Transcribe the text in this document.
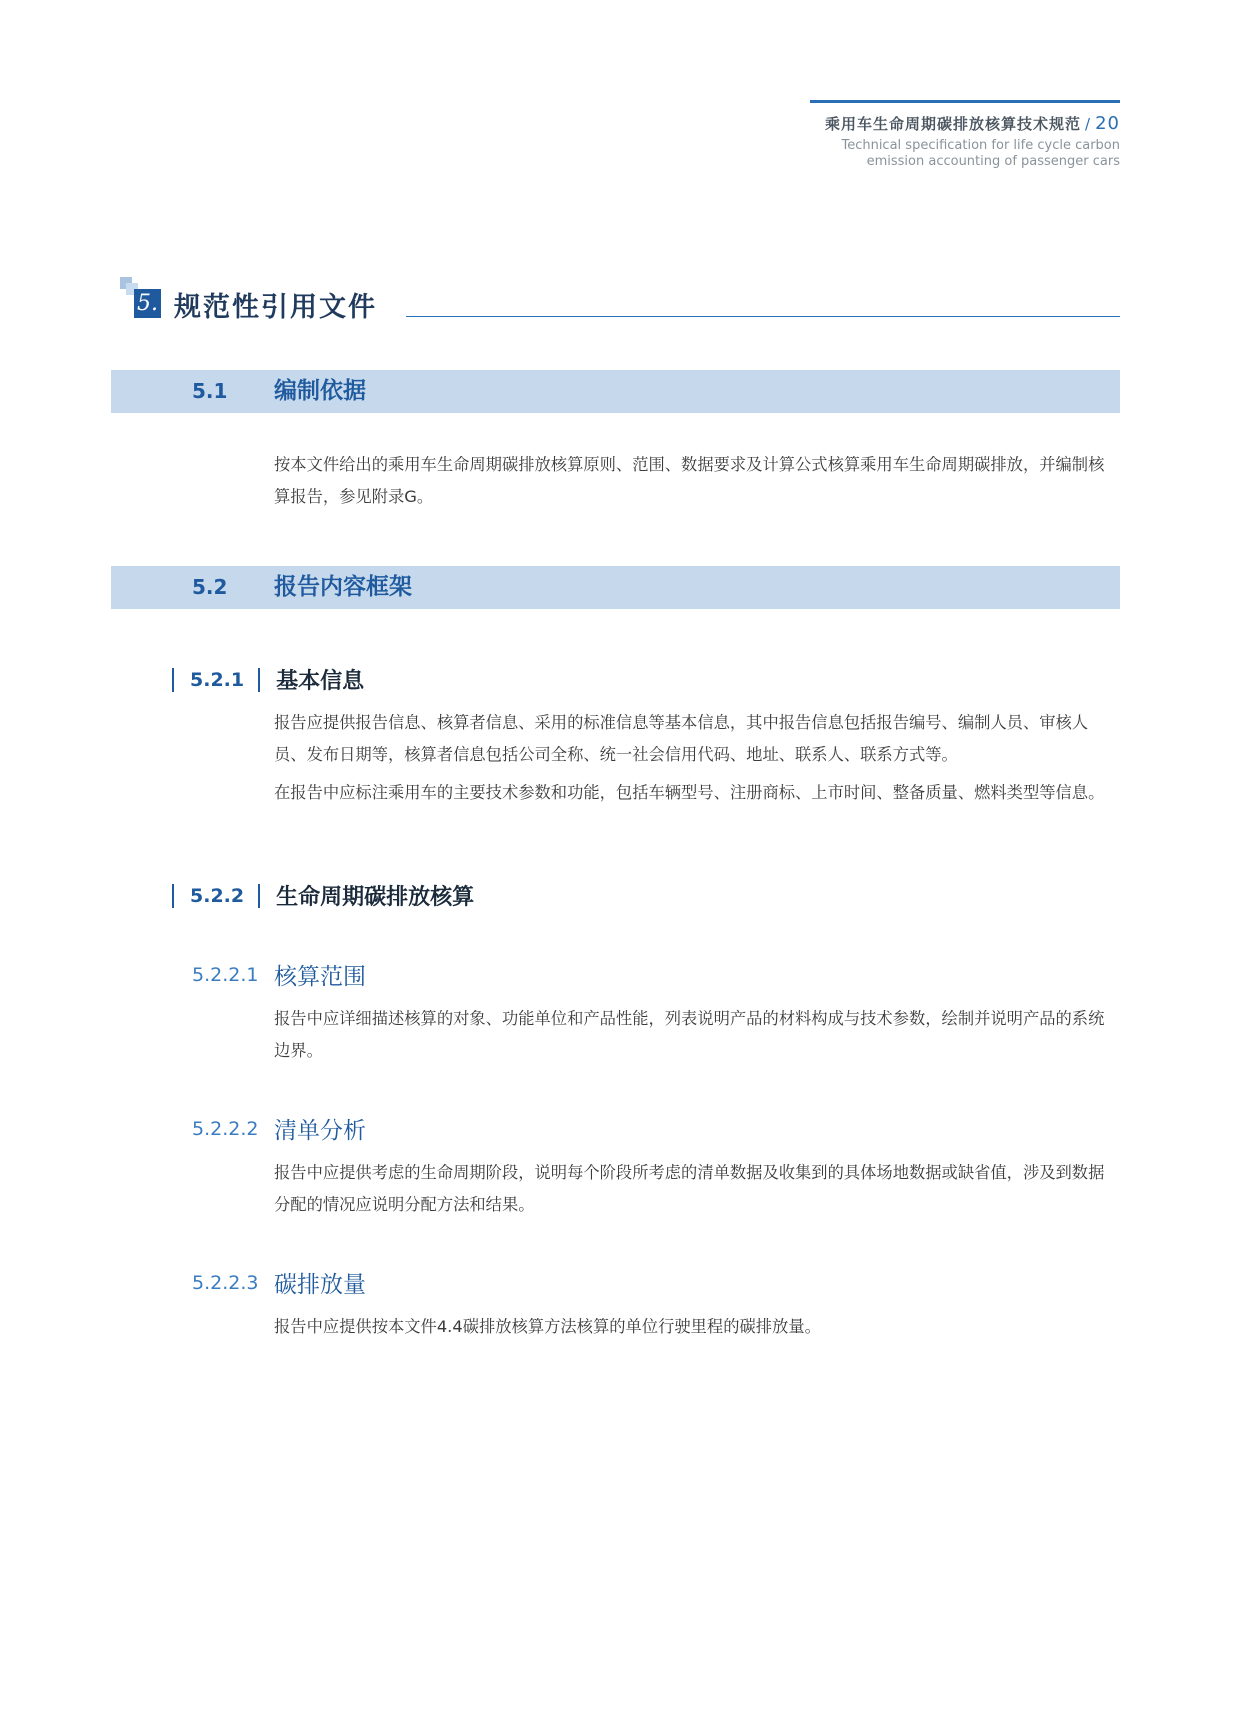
乘用车生命周期碳排放核算技术规范 / 20
Technical specification for life cycle carbon
emission accounting of passenger cars
5. 规范性引用文件
5.1 编制依据

按本文件给出的乘用车生命周期碳排放核算原则、范围、数据要求及计算公式核算乘用车生命周期碳排放，并编制核算报告，参见附录G。

5.2 报告内容框架
5.2.1 基本信息

报告应提供报告信息、核算者信息、采用的标准信息等基本信息，其中报告信息包括报告编号、编制人员、审核人员、发布日期等，核算者信息包括公司全称、统一社会信用代码、地址、联系人、联系方式等。

在报告中应标注乘用车的主要技术参数和功能，包括车辆型号、注册商标、上市时间、整备质量、燃料类型等信息。

5.2.2 生命周期碳排放核算
5.2.2.1 核算范围

报告中应详细描述核算的对象、功能单位和产品性能，列表说明产品的材料构成与技术参数，绘制并说明产品的系统边界。

5.2.2.2 清单分析

报告中应提供考虑的生命周期阶段，说明每个阶段所考虑的清单数据及收集到的具体场地数据或缺省值，涉及到数据分配的情况应说明分配方法和结果。

5.2.2.3 碳排放量

报告中应提供按本文件4.4碳排放核算方法核算的单位行驶里程的碳排放量。
